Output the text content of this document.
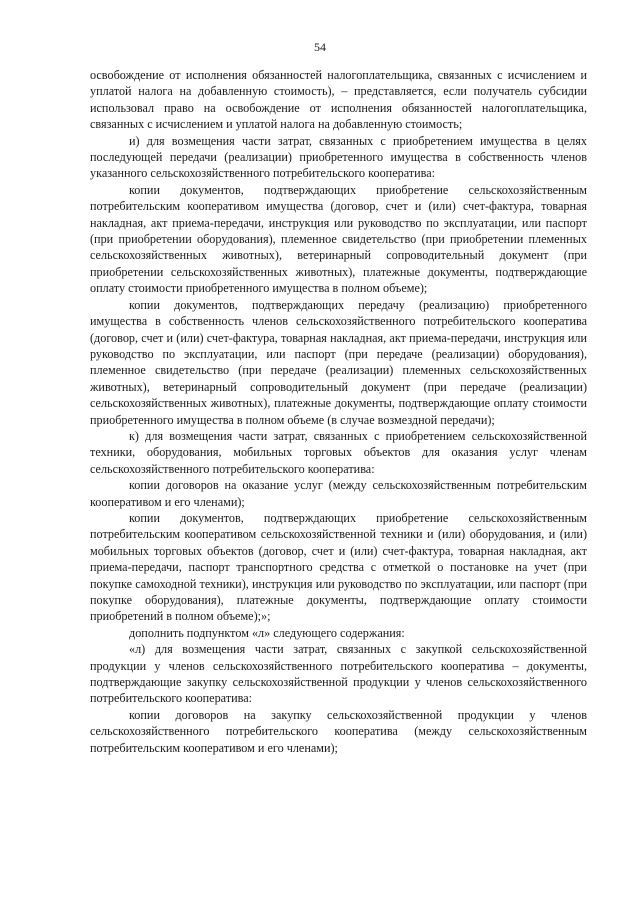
54

освобождение от исполнения обязанностей налогоплательщика, связанных с исчислением и уплатой налога на добавленную стоимость), – представляется, если получатель субсидии использовал право на освобождение от исполнения обязанностей налогоплательщика, связанных с исчислением и уплатой налога на добавленную стоимость;

и) для возмещения части затрат, связанных с приобретением имущества в целях последующей передачи (реализации) приобретенного имущества в собственность членов указанного сельскохозяйственного потребительского кооператива:

копии документов, подтверждающих приобретение сельскохозяйственным потребительским кооперативом имущества (договор, счет и (или) счет-фактура, товарная накладная, акт приема-передачи, инструкция или руководство по эксплуатации, или паспорт (при приобретении оборудования), племенное свидетельство (при приобретении племенных сельскохозяйственных животных), ветеринарный сопроводительный документ (при приобретении сельскохозяйственных животных), платежные документы, подтверждающие оплату стоимости приобретенного имущества в полном объеме);

копии документов, подтверждающих передачу (реализацию) приобретенного имущества в собственность членов сельскохозяйственного потребительского кооператива (договор, счет и (или) счет-фактура, товарная накладная, акт приема-передачи, инструкция или руководство по эксплуатации, или паспорт (при передаче (реализации) оборудования), племенное свидетельство (при передаче (реализации) племенных сельскохозяйственных животных), ветеринарный сопроводительный документ (при передаче (реализации) сельскохозяйственных животных), платежные документы, подтверждающие оплату стоимости приобретенного имущества в полном объеме (в случае возмездной передачи);

к) для возмещения части затрат, связанных с приобретением сельскохозяйственной техники, оборудования, мобильных торговых объектов для оказания услуг членам сельскохозяйственного потребительского кооператива:

копии договоров на оказание услуг (между сельскохозяйственным потребительским кооперативом и его членами);

копии документов, подтверждающих приобретение сельскохозяйственным потребительским кооперативом сельскохозяйственной техники и (или) оборудования, и (или) мобильных торговых объектов (договор, счет и (или) счет-фактура, товарная накладная, акт приема-передачи, паспорт транспортного средства с отметкой о постановке на учет (при покупке самоходной техники), инструкция или руководство по эксплуатации, или паспорт (при покупке оборудования), платежные документы, подтверждающие оплату стоимости приобретений в полном объеме);»;

дополнить подпунктом «л» следующего содержания:

«л) для возмещения части затрат, связанных с закупкой сельскохозяйственной продукции у членов сельскохозяйственного потребительского кооператива – документы, подтверждающие закупку сельскохозяйственной продукции у членов сельскохозяйственного потребительского кооператива:

копии договоров на закупку сельскохозяйственной продукции у членов сельскохозяйственного потребительского кооператива (между сельскохозяйственным потребительским кооперативом и его членами);
